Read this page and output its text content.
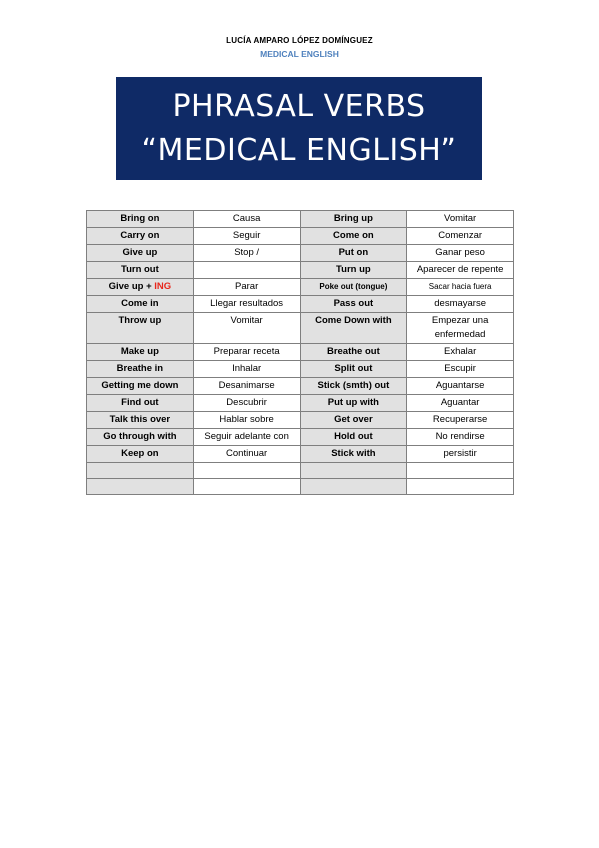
LUCÍA AMPARO LÓPEZ DOMÍNGUEZ
MEDICAL ENGLISH
PHRASAL VERBS
“MEDICAL ENGLISH”
Bring on	Causa	Bring up	Vomitar
Carry on	Seguir	Come on	Comenzar
Give up	Stop /	Put on	Ganar peso
Turn out		Turn up	Aparecer de repente
Give up + ING	Parar	Poke out (tongue)	Sacar hacia fuera
Come in	Llegar resultados	Pass out	desmayarse
Throw up	Vomitar	Come Down with	Empezar una enfermedad
Make up	Preparar receta	Breathe out	Exhalar
Breathe in	Inhalar	Split out	Escupir
Getting me down	Desanimarse	Stick (smth) out	Aguantarse
Find out	Descubrir	Put up with	Aguantar
Talk this over	Hablar sobre	Get over	Recuperarse
Go through with	Seguir adelante con	Hold out	No rendirse
Keep on	Continuar	Stick with	persistir
